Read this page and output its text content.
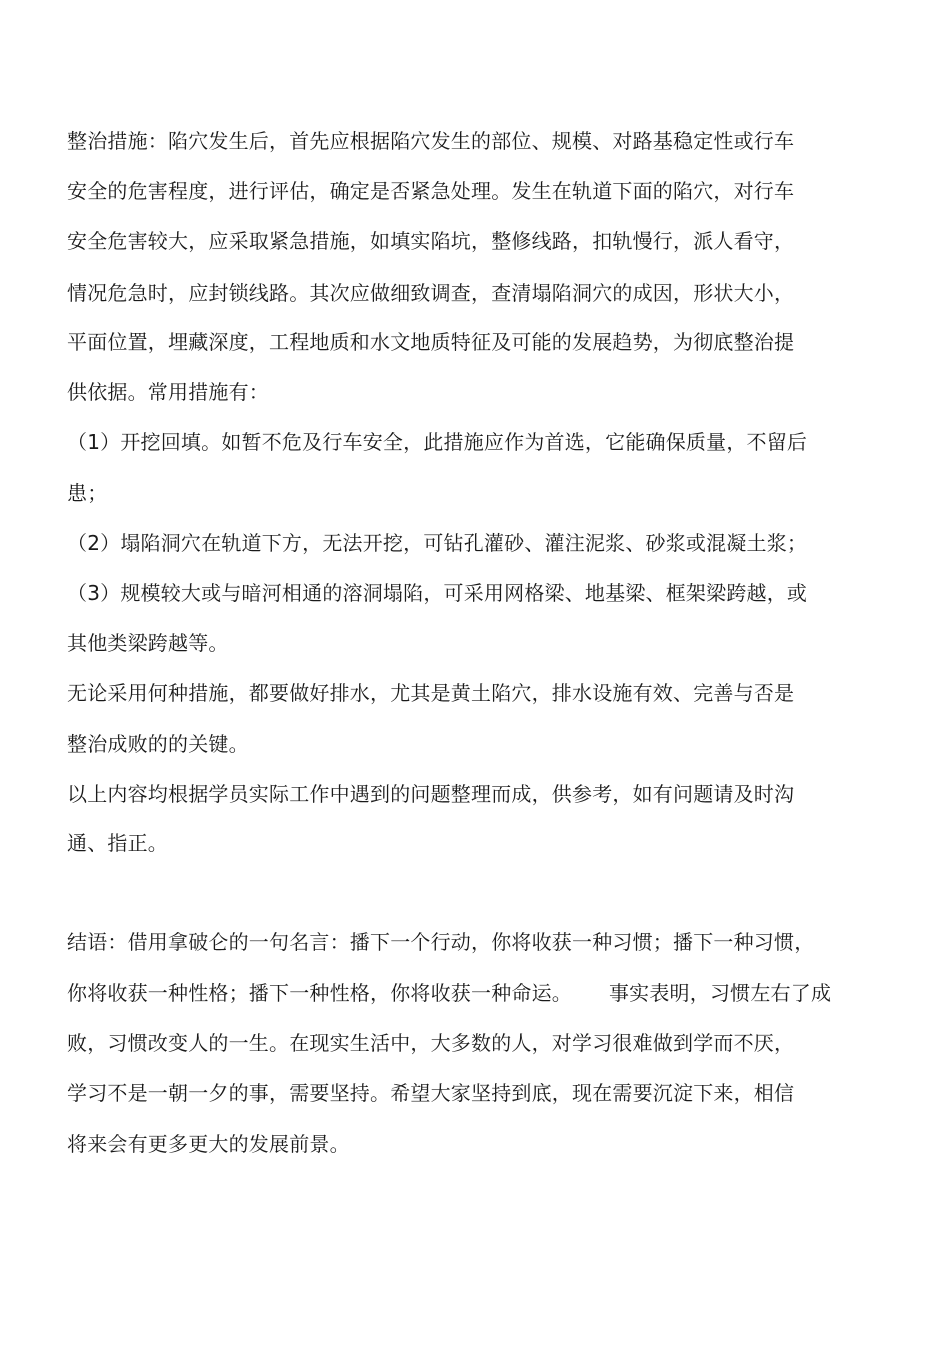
整治措施：陷穴发生后，首先应根据陷穴发生的部位、规模、对路基稳定性或行车
安全的危害程度，进行评估，确定是否紧急处理。发生在轨道下面的陷穴，对行车
安全危害较大，应采取紧急措施，如填实陷坑，整修线路，扣轨慢行，派人看守，
情况危急时，应封锁线路。其次应做细致调查，查清塌陷洞穴的成因，形状大小，
平面位置，埋藏深度，工程地质和水文地质特征及可能的发展趋势，为彻底整治提
供依据。常用措施有：
（1）开挖回填。如暂不危及行车安全，此措施应作为首选，它能确保质量，不留后
患；
（2）塌陷洞穴在轨道下方，无法开挖，可钻孔灌砂、灌注泥浆、砂浆或混凝土浆；
（3）规模较大或与暗河相通的溶洞塌陷，可采用网格梁、地基梁、框架梁跨越，或
其他类梁跨越等。
无论采用何种措施，都要做好排水，尤其是黄土陷穴，排水设施有效、完善与否是
整治成败的的关键。
以上内容均根据学员实际工作中遇到的问题整理而成，供参考，如有问题请及时沟
通、指正。
结语：借用拿破仑的一句名言：播下一个行动，你将收获一种习惯；播下一种习惯，
你将收获一种性格；播下一种性格，你将收获一种命运。　　 事实表明，习惯左右了成
败，习惯改变人的一生。在现实生活中，大多数的人，对学习很难做到学而不厌，
学习不是一朝一夕的事，需要坚持。希望大家坚持到底，现在需要沉淀下来，相信
将来会有更多更大的发展前景。
